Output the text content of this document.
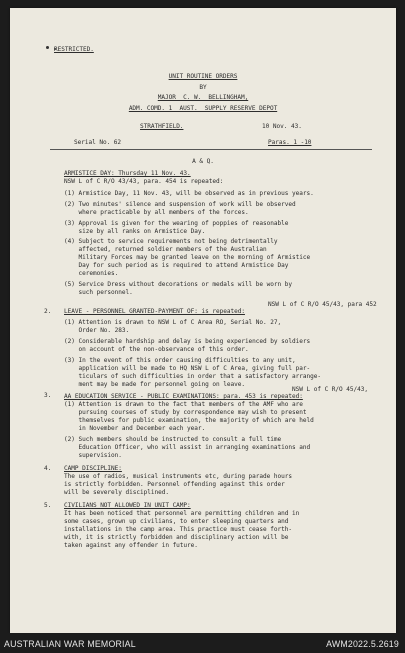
RESTRICTED.
UNIT ROUTINE ORDERS
BY
MAJOR  C. W.  BELLINGHAM,
ADM. COMD. 1  AUST.  SUPPLY RESERVE DEPOT
STRATHFIELD.	10 Nov. 43.
Serial No. 62	Paras. 1 -10
A & Q.
ARMISTICE DAY: Thursday 11 Nov. 43.
NSW L of C R/O 43/43, para. 454 is repeated:
(1) Armistice Day, 11 Nov. 43, will be observed as in previous years.
(2) Two minutes' silence and suspension of work will be observed
where practicable by all members of the forces.
(3) Approval is given for the wearing of poppies of reasonable
size by all ranks on Armistice Day.
(4) Subject to service requirements not being detrimentally
affected, returned soldier members of the Australian
Military Forces may be granted leave on the morning of Armistice
Day for such period as is required to attend Armistice Day
ceremonies.
(5) Service Dress without decorations or medals will be worn by
such personnel.
2.
NSW L of C R/O 45/43, para 452
LEAVE - PERSONNEL GRANTED-PAYMENT OF: is repeated:
(1) Attention is drawn to NSW L of C Area RO, Serial No. 27,
Order No. 283.
(2) Considerable hardship and delay is being experienced by soldiers
on account of the non-observance of this order.
(3) In the event of this order causing difficulties to any unit,
application will be made to HQ NSW L of C Area, giving full par-
ticulars of such difficulties in order that a satisfactory arrange-
ment may be made for personnel going on leave.
3.
NSW L of C R/O 45/43,
AA EDUCATION SERVICE - PUBLIC EXAMINATIONS: para. 453 is repeated:
(1) Attention is drawn to the fact that members of the AMF who are
pursuing courses of study by correspondence may wish to present
themselves for public examination, the majority of which are held
in November and December each year.
(2) Such members should be instructed to consult a full time
Education Officer, who will assist in arranging examinations and
supervision.
4. CAMP DISCIPLINE:
The use of radios, musical instruments etc, during parade hours
is strictly forbidden. Personnel offending against this order
will be severely disciplined.
5. CIVILIANS NOT ALLOWED IN UNIT CAMP:
It has been noticed that personnel are permitting children and in
some cases, grown up civilians, to enter sleeping quarters and
installations in the camp area. This practice must cease forth-
with, it is strictly forbidden and disciplinary action will be
taken against any offender in future.
AUSTRALIAN WAR MEMORIAL	AWM2022.5.2619
